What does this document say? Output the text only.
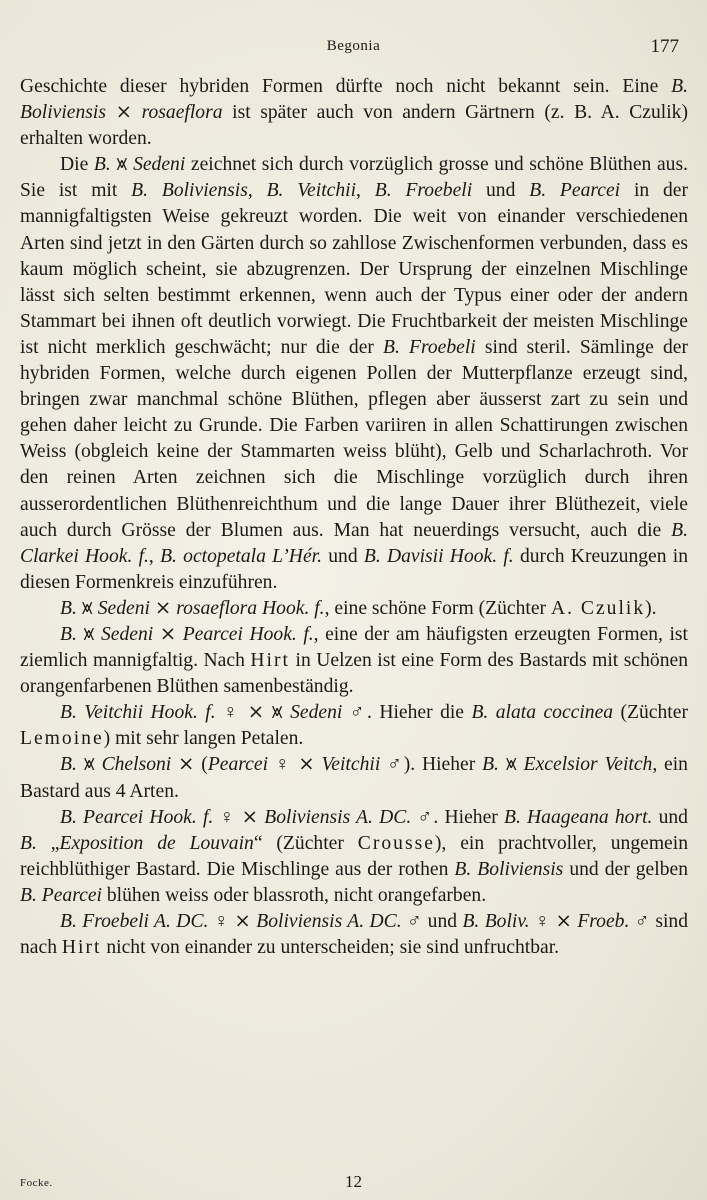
Begonia	177

Geschichte dieser hybriden Formen dürfte noch nicht bekannt sein. Eine B. Boliviensis ⨯ rosaeflora ist später auch von andern Gärtnern (z. B. A. Czulik) erhalten worden.

Die B. ⩙ Sedeni zeichnet sich durch vorzüglich grosse und schöne Blüthen aus. Sie ist mit B. Boliviensis, B. Veitchii, B. Froebeli und B. Pearcei in der mannigfaltigsten Weise gekreuzt worden. Die weit von einander verschiedenen Arten sind jetzt in den Gärten durch so zahllose Zwischenformen verbunden, dass es kaum möglich scheint, sie abzugrenzen. Der Ursprung der einzelnen Mischlinge lässt sich selten bestimmt erkennen, wenn auch der Typus einer oder der andern Stammart bei ihnen oft deutlich vorwiegt. Die Fruchtbarkeit der meisten Mischlinge ist nicht merklich geschwächt; nur die der B. Froebeli sind steril. Sämlinge der hybriden Formen, welche durch eigenen Pollen der Mutterpflanze erzeugt sind, bringen zwar manchmal schöne Blüthen, pflegen aber äusserst zart zu sein und gehen daher leicht zu Grunde. Die Farben variiren in allen Schattirungen zwischen Weiss (obgleich keine der Stammarten weiss blüht), Gelb und Scharlachroth. Vor den reinen Arten zeichnen sich die Mischlinge vorzüglich durch ihren ausserordentlichen Blüthenreichthum und die lange Dauer ihrer Blüthezeit, viele auch durch Grösse der Blumen aus. Man hat neuerdings versucht, auch die B. Clarkei Hook. f., B. octopetala L’Hér. und B. Davisii Hook. f. durch Kreuzungen in diesen Formenkreis einzuführen.

B. ⩙ Sedeni ⨯ rosaeflora Hook. f., eine schöne Form (Züchter A. Czulik).

B. ⩙ Sedeni ⨯ Pearcei Hook. f., eine der am häufigsten erzeugten Formen, ist ziemlich mannigfaltig. Nach Hirt in Uelzen ist eine Form des Bastards mit schönen orangenfarbenen Blüthen samenbeständig.

B. Veitchii Hook. f. ♀ ⨯ ⩙ Sedeni ♂. Hieher die B. alata coccinea (Züchter Lemoine) mit sehr langen Petalen.

B. ⩙ Chelsoni ⨯ (Pearcei ♀ ⨯ Veitchii ♂). Hieher B. ⩙ Excelsior Veitch, ein Bastard aus 4 Arten.

B. Pearcei Hook. f. ♀ ⨯ Boliviensis A. DC. ♂. Hieher B. Haageana hort. und B. „Exposition de Louvain“ (Züchter Crousse), ein prachtvoller, ungemein reichblüthiger Bastard. Die Mischlinge aus der rothen B. Boliviensis und der gelben B. Pearcei blühen weiss oder blassroth, nicht orangefarben.

B. Froebeli A. DC. ♀ ⨯ Boliviensis A. DC. ♂ und B. Boliv. ♀ ⨯ Froeb. ♂ sind nach Hirt nicht von einander zu unterscheiden; sie sind unfruchtbar.

Focke.	12
